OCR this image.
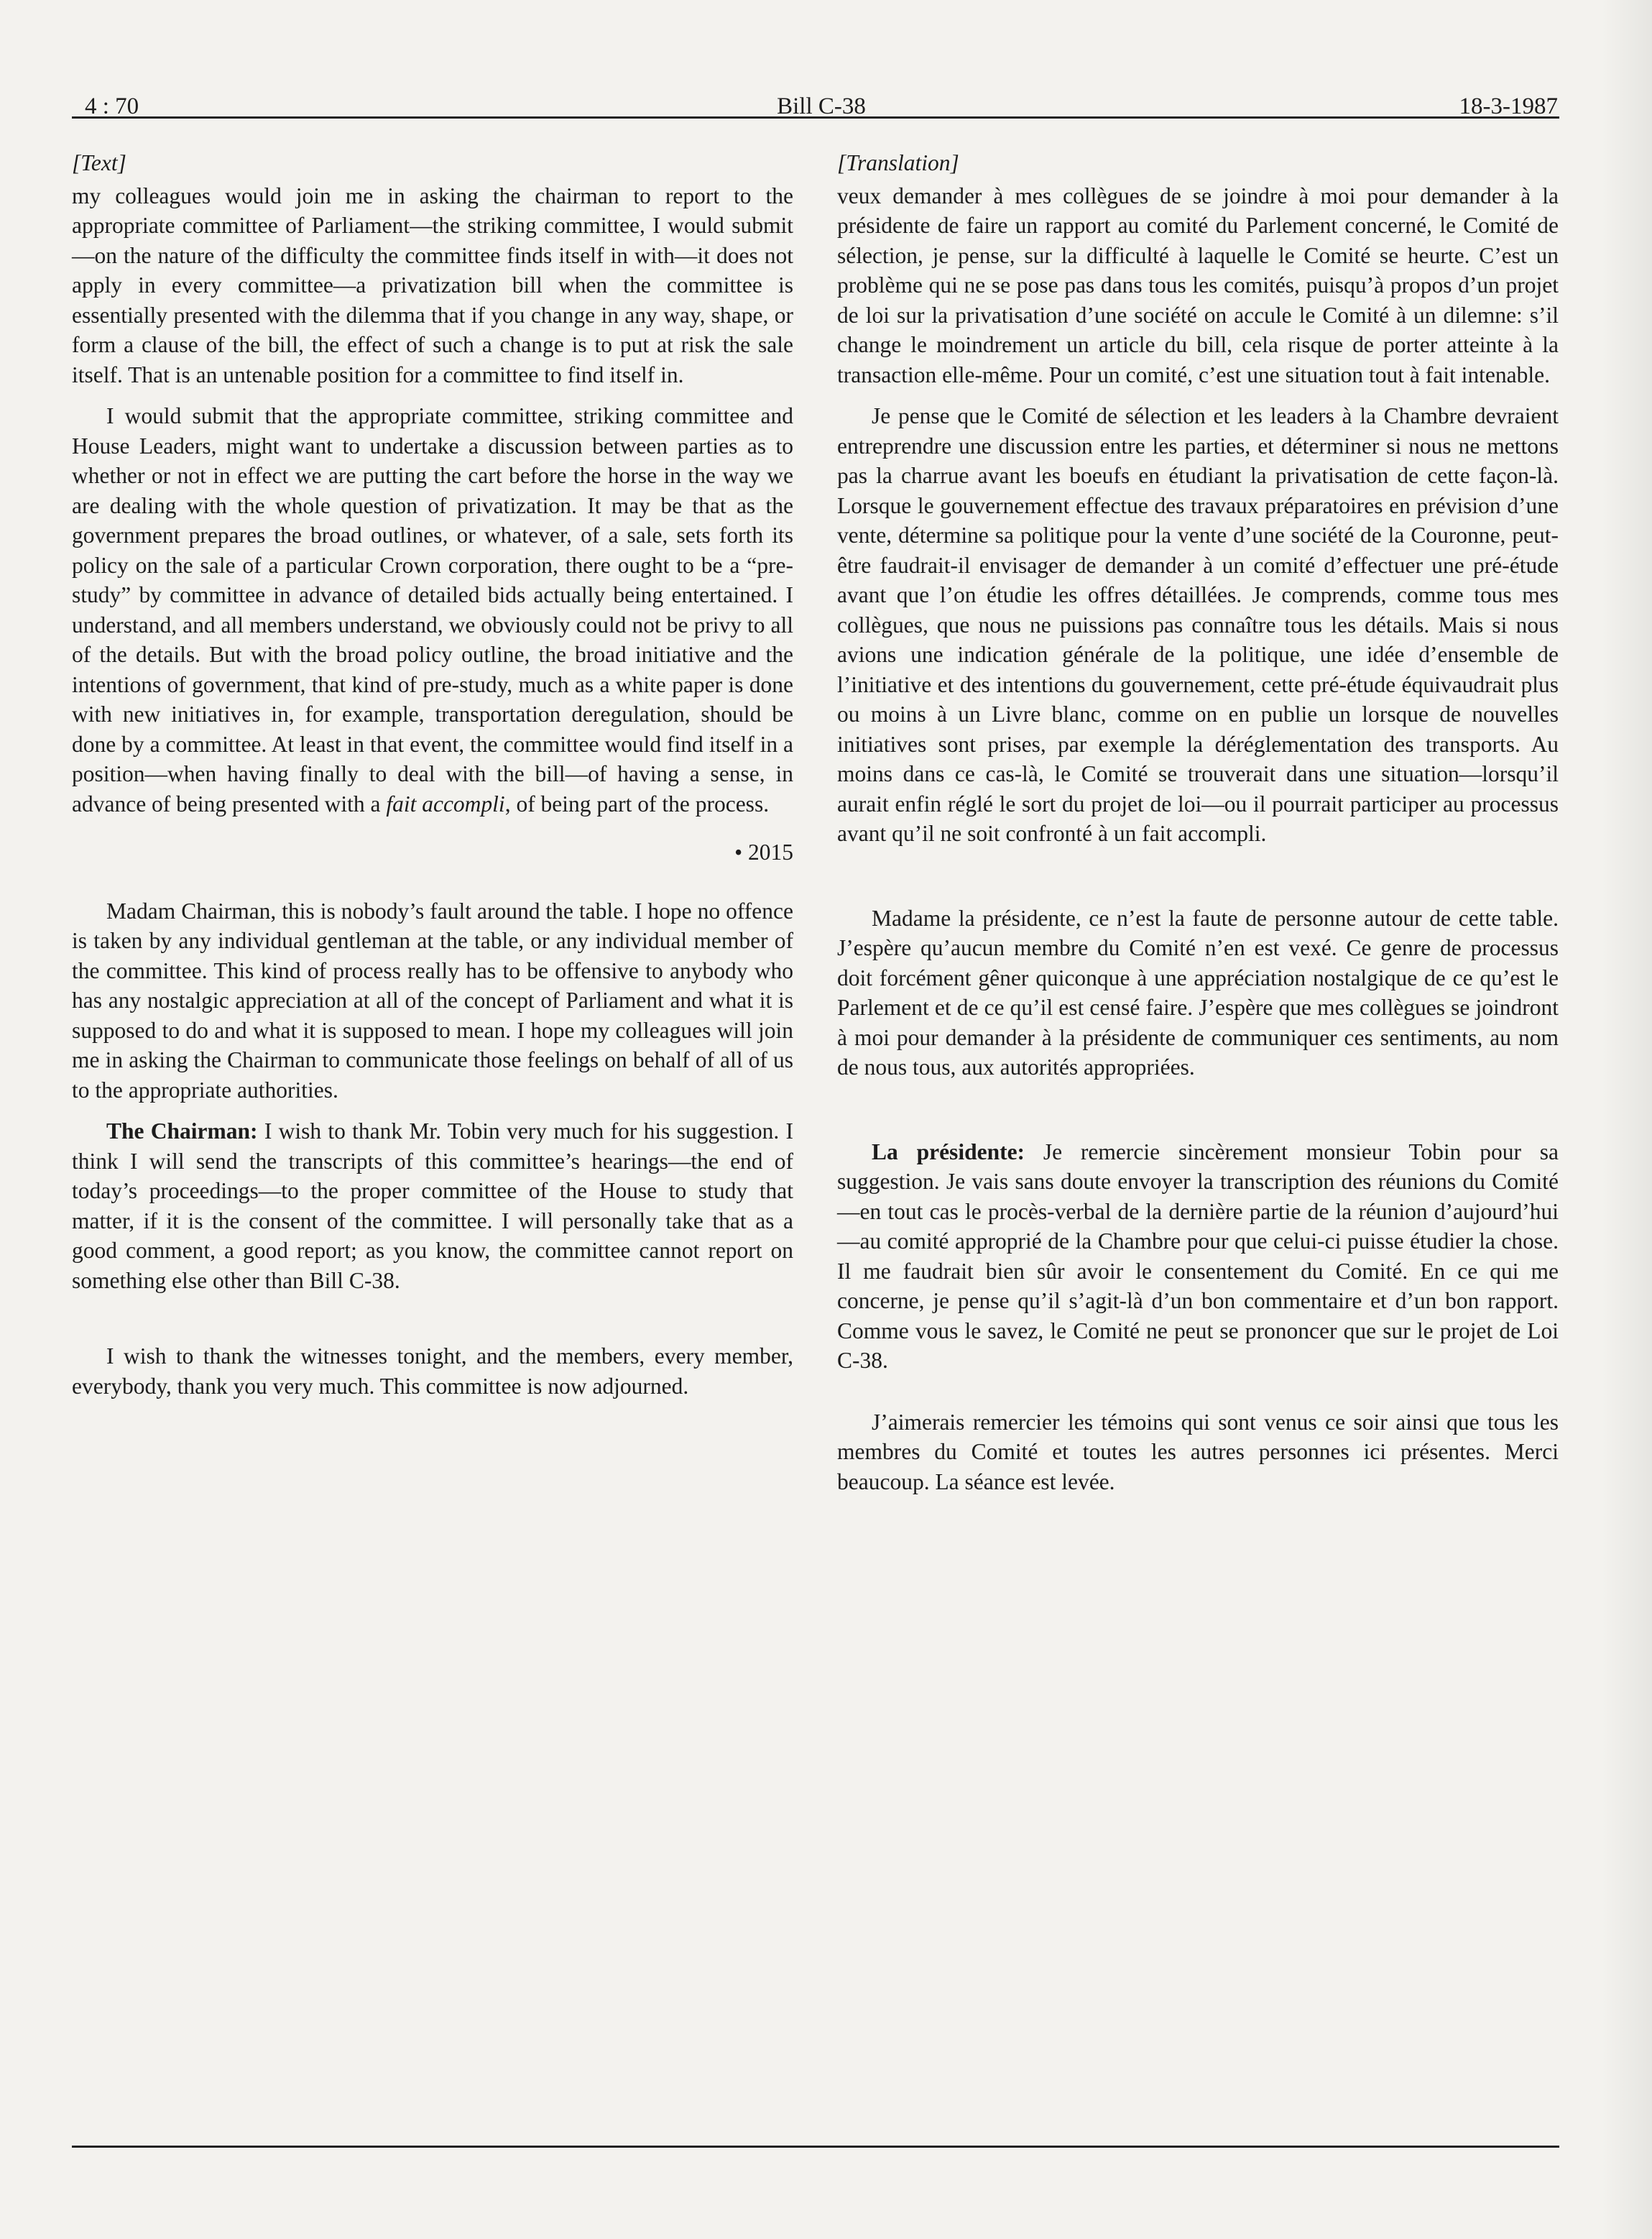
4 : 70	Bill C-38	18-3-1987
[Text]

my colleagues would join me in asking the chairman to report to the appropriate committee of Parliament—the striking committee, I would submit—on the nature of the difficulty the committee finds itself in with—it does not apply in every committee—a privatization bill when the committee is essentially presented with the dilemma that if you change in any way, shape, or form a clause of the bill, the effect of such a change is to put at risk the sale itself. That is an untenable position for a committee to find itself in.

I would submit that the appropriate committee, striking committee and House Leaders, might want to undertake a discussion between parties as to whether or not in effect we are putting the cart before the horse in the way we are dealing with the whole question of privatization. It may be that as the government prepares the broad outlines, or whatever, of a sale, sets forth its policy on the sale of a particular Crown corporation, there ought to be a “pre-study” by committee in advance of detailed bids actually being entertained. I understand, and all members understand, we obviously could not be privy to all of the details. But with the broad policy outline, the broad initiative and the intentions of government, that kind of pre-study, much as a white paper is done with new initiatives in, for example, transportation deregulation, should be done by a committee. At least in that event, the committee would find itself in a position—when having finally to deal with the bill—of having a sense, in advance of being presented with a fait accompli, of being part of the process.

• 2015

Madam Chairman, this is nobody’s fault around the table. I hope no offence is taken by any individual gentleman at the table, or any individual member of the committee. This kind of process really has to be offensive to anybody who has any nostalgic appreciation at all of the concept of Parliament and what it is supposed to do and what it is supposed to mean. I hope my colleagues will join me in asking the Chairman to communicate those feelings on behalf of all of us to the appropriate authorities.

The Chairman: I wish to thank Mr. Tobin very much for his suggestion. I think I will send the transcripts of this committee’s hearings—the end of today’s proceedings—to the proper committee of the House to study that matter, if it is the consent of the committee. I will personally take that as a good comment, a good report; as you know, the committee cannot report on something else other than Bill C-38.

I wish to thank the witnesses tonight, and the members, every member, everybody, thank you very much. This committee is now adjourned.

[Translation]

veux demander à mes collègues de se joindre à moi pour demander à la présidente de faire un rapport au comité du Parlement concerné, le Comité de sélection, je pense, sur la difficulté à laquelle le Comité se heurte. C’est un problème qui ne se pose pas dans tous les comités, puisqu’à propos d’un projet de loi sur la privatisation d’une société on accule le Comité à un dilemne: s’il change le moindrement un article du bill, cela risque de porter atteinte à la transaction elle-même. Pour un comité, c’est une situation tout à fait intenable.

Je pense que le Comité de sélection et les leaders à la Chambre devraient entreprendre une discussion entre les parties, et déterminer si nous ne mettons pas la charrue avant les boeufs en étudiant la privatisation de cette façon-là. Lorsque le gouvernement effectue des travaux préparatoires en prévision d’une vente, détermine sa politique pour la vente d’une société de la Couronne, peut-être faudrait-il envisager de demander à un comité d’effectuer une pré-étude avant que l’on étudie les offres détaillées. Je comprends, comme tous mes collègues, que nous ne puissions pas connaître tous les détails. Mais si nous avions une indication générale de la politique, une idée d’ensemble de l’initiative et des intentions du gouvernement, cette pré-étude équivaudrait plus ou moins à un Livre blanc, comme on en publie un lorsque de nouvelles initiatives sont prises, par exemple la déréglementation des transports. Au moins dans ce cas-là, le Comité se trouverait dans une situation—lorsqu’il aurait enfin réglé le sort du projet de loi—ou il pourrait participer au processus avant qu’il ne soit confronté à un fait accompli.

Madame la présidente, ce n’est la faute de personne autour de cette table. J’espère qu’aucun membre du Comité n’en est vexé. Ce genre de processus doit forcément gêner quiconque à une appréciation nostalgique de ce qu’est le Parlement et de ce qu’il est censé faire. J’espère que mes collègues se joindront à moi pour demander à la présidente de communiquer ces sentiments, au nom de nous tous, aux autorités appropriées.

La présidente: Je remercie sincèrement monsieur Tobin pour sa suggestion. Je vais sans doute envoyer la transcription des réunions du Comité—en tout cas le procès-verbal de la dernière partie de la réunion d’aujourd’hui—au comité approprié de la Chambre pour que celui-ci puisse étudier la chose. Il me faudrait bien sûr avoir le consentement du Comité. En ce qui me concerne, je pense qu’il s’agit-là d’un bon commentaire et d’un bon rapport. Comme vous le savez, le Comité ne peut se prononcer que sur le projet de Loi C-38.

J’aimerais remercier les témoins qui sont venus ce soir ainsi que tous les membres du Comité et toutes les autres personnes ici présentes. Merci beaucoup. La séance est levée.
